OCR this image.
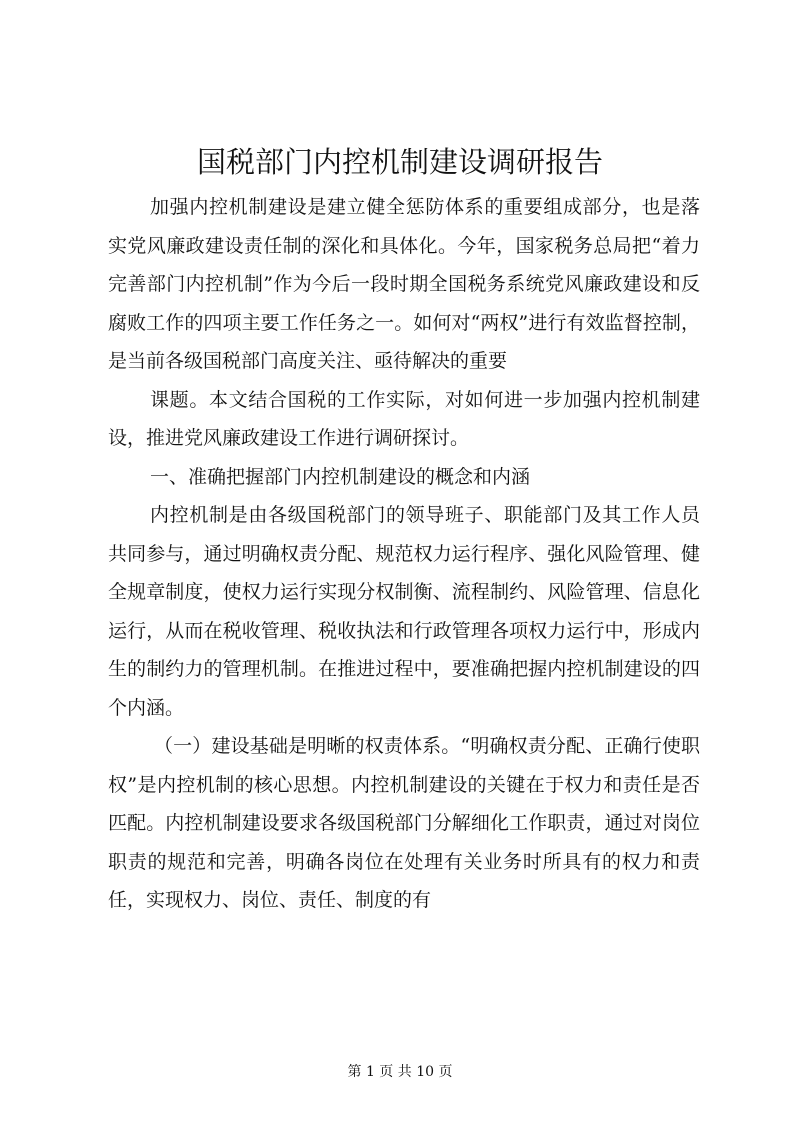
国税部门内控机制建设调研报告

加强内控机制建设是建立健全惩防体系的重要组成部分，也是落实党风廉政建设责任制的深化和具体化。今年，国家税务总局把“着力完善部门内控机制”作为今后一段时期全国税务系统党风廉政建设和反腐败工作的四项主要工作任务之一。如何对“两权”进行有效监督控制，是当前各级国税部门高度关注、亟待解决的重要

课题。本文结合国税的工作实际，对如何进一步加强内控机制建设，推进党风廉政建设工作进行调研探讨。

一、准确把握部门内控机制建设的概念和内涵

内控机制是由各级国税部门的领导班子、职能部门及其工作人员共同参与，通过明确权责分配、规范权力运行程序、强化风险管理、健全规章制度，使权力运行实现分权制衡、流程制约、风险管理、信息化运行，从而在税收管理、税收执法和行政管理各项权力运行中，形成内生的制约力的管理机制。在推进过程中，要准确把握内控机制建设的四个内涵。

（一）建设基础是明晰的权责体系。“明确权责分配、正确行使职权”是内控机制的核心思想。内控机制建设的关键在于权力和责任是否匹配。内控机制建设要求各级国税部门分解细化工作职责，通过对岗位职责的规范和完善，明确各岗位在处理有关业务时所具有的权力和责任，实现权力、岗位、责任、制度的有

第 1 页 共 10 页
